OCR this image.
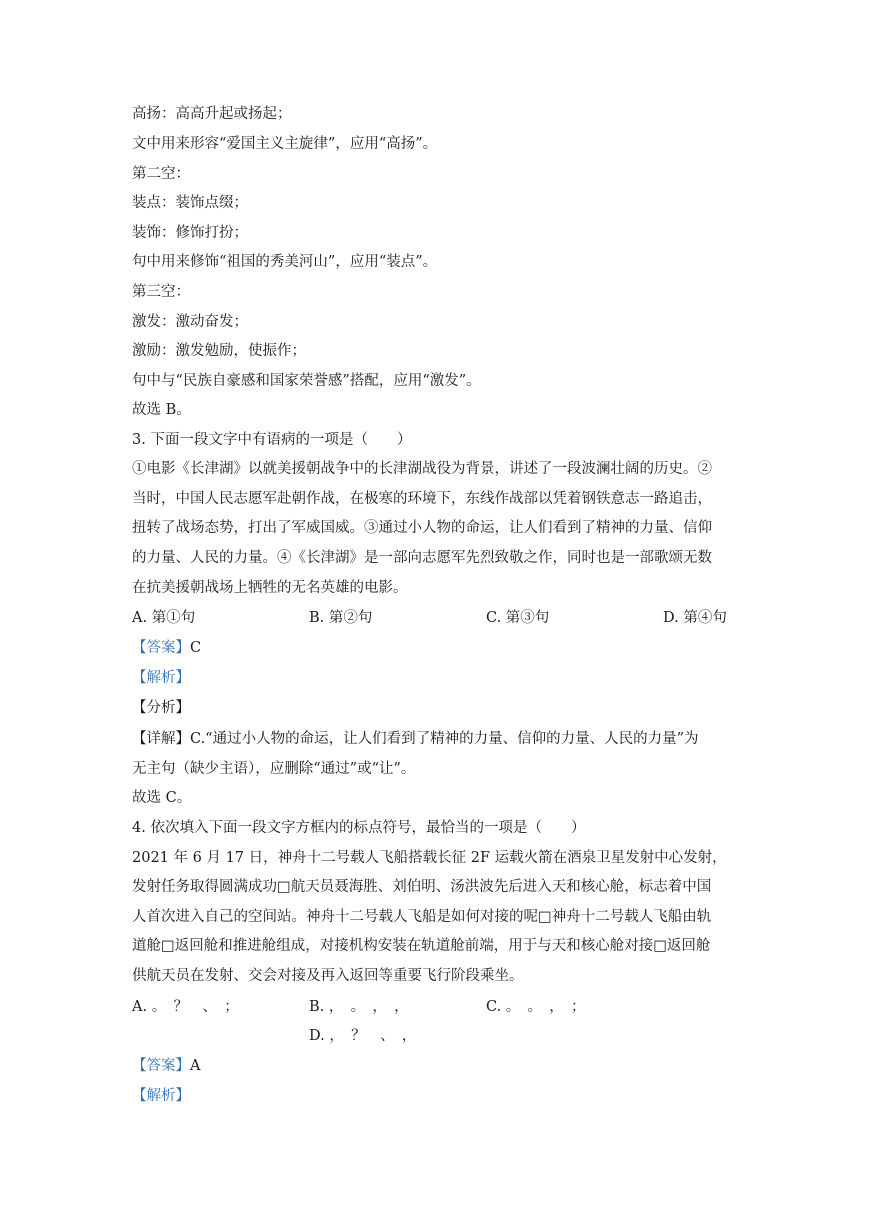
高扬：高高升起或扬起；
文中用来形容“爱国主义主旋律”，应用“高扬”。
第二空：
装点：装饰点缀；
装饰：修饰打扮；
句中用来修饰“祖国的秀美河山”，应用“装点”。
第三空：
激发：激动奋发；
激励：激发勉励，使振作；
句中与“民族自豪感和国家荣誉感”搭配，应用“激发”。
故选 B。
3. 下面一段文字中有语病的一项是（　　）
①电影《长津湖》以就美援朝战争中的长津湖战役为背景，讲述了一段波澜壮阔的历史。②
当时，中国人民志愿军赴朝作战，在极寒的环境下，东线作战部以凭着钢铁意志一路追击，
扭转了战场态势，打出了军威国威。③通过小人物的命运，让人们看到了精神的力量、信仰
的力量、人民的力量。④《长津湖》是一部向志愿军先烈致敬之作，同时也是一部歌颂无数
在抗美援朝战场上牺牲的无名英雄的电影。
A. 第①句	B. 第②句	C. 第③句	D. 第④句
【答案】C
【解析】
【分析】
【详解】C.“通过小人物的命运，让人们看到了精神的力量、信仰的力量、人民的力量”为
无主句（缺少主语），应删除“通过”或“让”。
故选 C。
4. 依次填入下面一段文字方框内的标点符号，最恰当的一项是（　　）
2021 年 6 月 17 日，神舟十二号载人飞船搭载长征 2F 运载火箭在酒泉卫星发射中心发射，
发射任务取得圆满成功□航天员聂海胜、刘伯明、汤洪波先后进入天和核心舱，标志着中国
人首次进入自己的空间站。神舟十二号载人飞船是如何对接的呢□神舟十二号载人飞船由轨
道舱□返回舱和推进舱组成，对接机构安装在轨道舱前端，用于与天和核心舱对接□返回舱
供航天员在发射、交会对接及再入返回等重要飞行阶段乘坐。
A. 。　？　、　；	B. ，　。　，　，	C. 。　。　，　；
D. ，　？　、　，
【答案】A
【解析】
